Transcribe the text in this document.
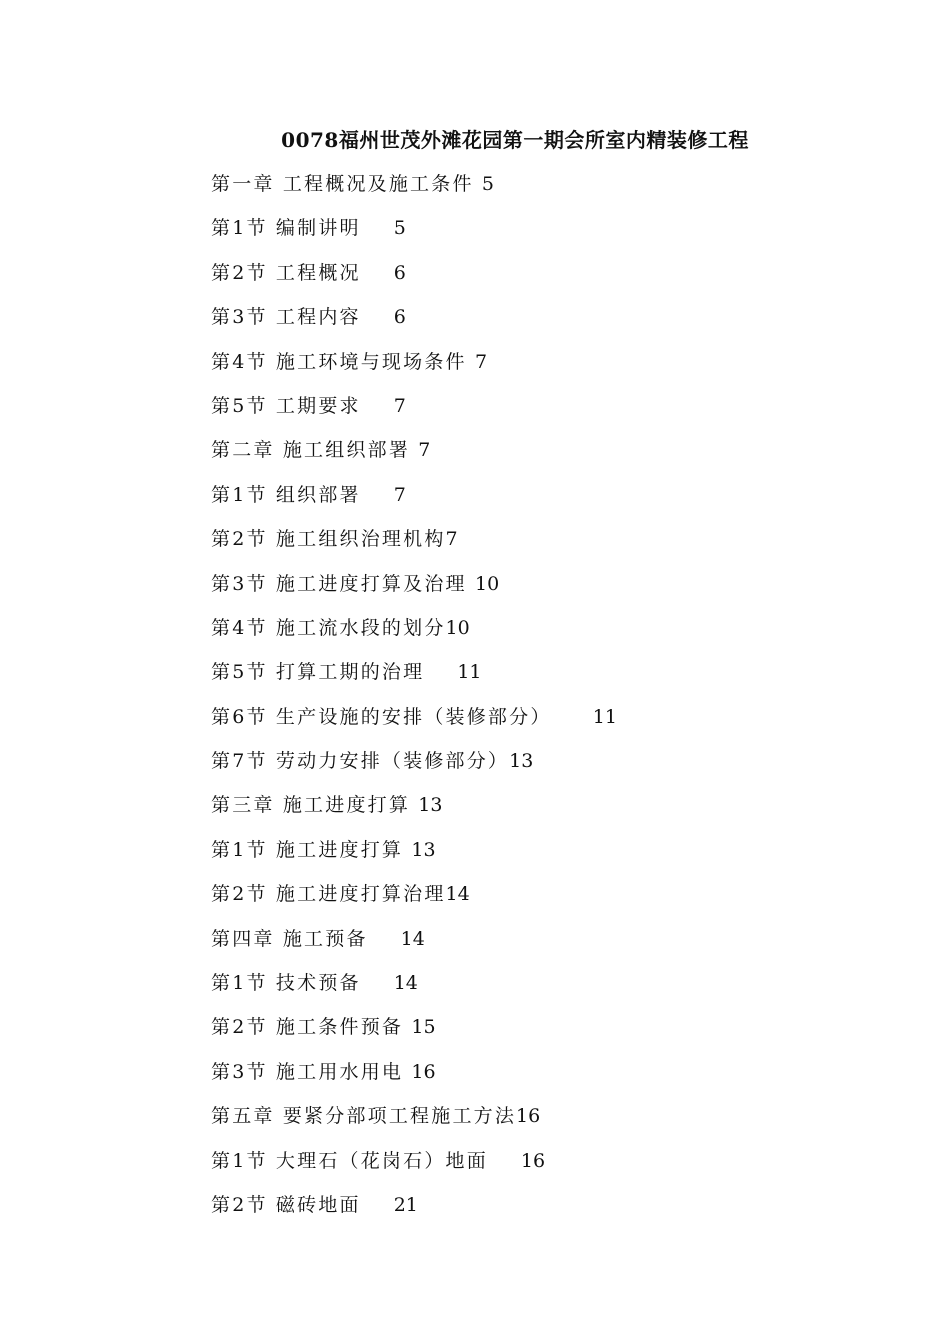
0078福州世茂外滩花园第一期会所室内精装修工程
第一章 工程概况及施工条件 5
第1节 编制讲明 5
第2节 工程概况 6
第3节 工程内容 6
第4节 施工环境与现场条件 7
第5节 工期要求 7
第二章 施工组织部署 7
第1节 组织部署 7
第2节 施工组织治理机构7
第3节 施工进度打算及治理 10
第4节 施工流水段的划分10
第5节 打算工期的治理 11
第6节 生产设施的安排（装修部分） 11
第7节 劳动力安排（装修部分）13
第三章 施工进度打算 13
第1节 施工进度打算 13
第2节 施工进度打算治理14
第四章 施工预备 14
第1节 技术预备 14
第2节 施工条件预备 15
第3节 施工用水用电 16
第五章 要紧分部项工程施工方法16
第1节 大理石（花岗石）地面 16
第2节 磁砖地面 21
